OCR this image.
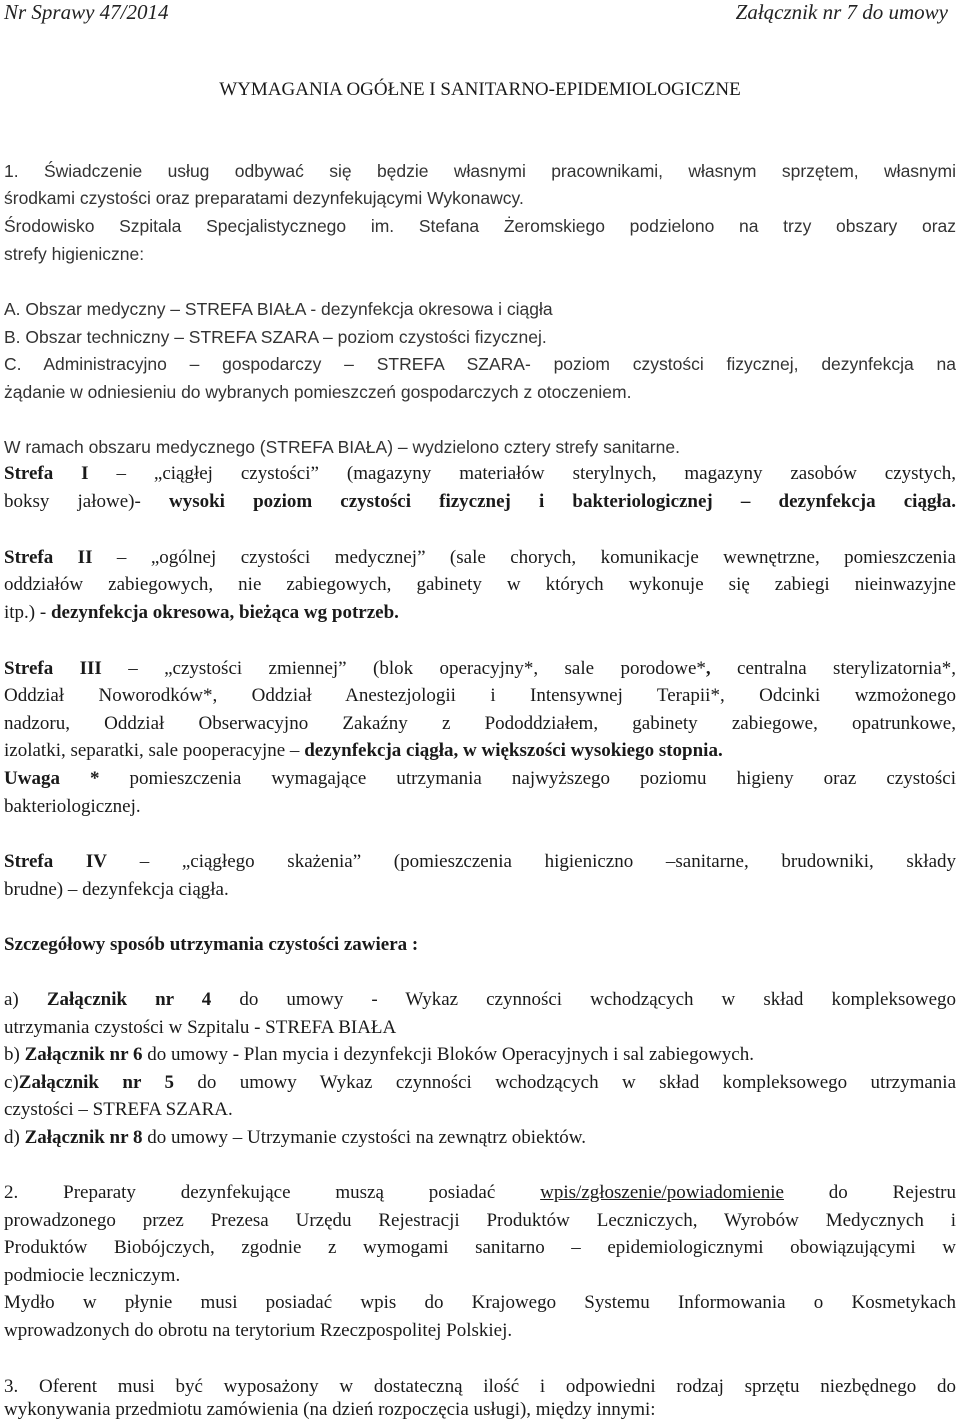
Nr Sprawy 47/2014	Załącznik nr 7 do umowy
WYMAGANIA OGÓŁNE I SANITARNO-EPIDEMIOLOGICZNE
1. Świadczenie usług odbywać się będzie własnymi pracownikami, własnym sprzętem, własnymi
środkami czystości oraz preparatami dezynfekującymi Wykonawcy.
Środowisko Szpitala Specjalistycznego im. Stefana Żeromskiego podzielono na trzy obszary oraz
strefy higieniczne:
A. Obszar medyczny – STREFA BIAŁA - dezynfekcja okresowa i ciągła
B. Obszar techniczny – STREFA SZARA – poziom czystości fizycznej.
C. Administracyjno – gospodarczy – STREFA SZARA- poziom czystości fizycznej, dezynfekcja na
żądanie w odniesieniu do wybranych pomieszczeń gospodarczych z otoczeniem.
W ramach obszaru medycznego (STREFA BIAŁA) – wydzielono cztery strefy sanitarne.
Strefa I – „ciągłej czystości” (magazyny materiałów sterylnych, magazyny zasobów czystych,
boksy jałowe)- wysoki poziom czystości fizycznej i bakteriologicznej – dezynfekcja ciągła.
Strefa II – „ogólnej czystości medycznej” (sale chorych, komunikacje wewnętrzne, pomieszczenia
oddziałów zabiegowych, nie zabiegowych, gabinety w których wykonuje się zabiegi nieinwazyjne
itp.) - dezynfekcja okresowa, bieżąca wg potrzeb.
Strefa III – „czystości zmiennej” (blok operacyjny*, sale porodowe*, centralna sterylizatornia*,
Oddział Noworodków*, Oddział Anestezjologii i Intensywnej Terapii*, Odcinki wzmożonego
nadzoru, Oddział Obserwacyjno Zakaźny z Pododdziałem, gabinety zabiegowe, opatrunkowe,
izolatki, separatki, sale pooperacyjne – dezynfekcja ciągła, w większości wysokiego stopnia.
Uwaga * pomieszczenia wymagające utrzymania najwyższego poziomu higieny oraz czystości
bakteriologicznej.
Strefa IV – „ciągłego skażenia” (pomieszczenia higieniczno –sanitarne, brudowniki, składy
brudne) – dezynfekcja ciągła.
Szczegółowy sposób utrzymania czystości zawiera :
a) Załącznik nr 4 do umowy - Wykaz czynności wchodzących w skład kompleksowego
utrzymania czystości w Szpitalu - STREFA BIAŁA
b) Załącznik nr 6 do umowy - Plan mycia i dezynfekcji Bloków Operacyjnych i sal zabiegowych.
c)Załącznik nr 5 do umowy Wykaz czynności wchodzących w skład kompleksowego utrzymania
czystości – STREFA SZARA.
d) Załącznik nr 8 do umowy – Utrzymanie czystości na zewnątrz obiektów.
2. Preparaty dezynfekujące muszą posiadać wpis/zgłoszenie/powiadomienie do Rejestru
prowadzonego przez Prezesa Urzędu Rejestracji Produktów Leczniczych, Wyrobów Medycznych i
Produktów Biobójczych, zgodnie z wymogami sanitarno – epidemiologicznymi obowiązującymi w
podmiocie leczniczym.
Mydło w płynie musi posiadać wpis do Krajowego Systemu Informowania o Kosmetykach
wprowadzonych do obrotu na terytorium Rzeczpospolitej Polskiej.
3. Oferent musi być wyposażony w dostateczną ilość i odpowiedni rodzaj sprzętu niezbędnego do
wykonywania przedmiotu zamówienia (na dzień rozpoczęcia usługi), między innymi:
